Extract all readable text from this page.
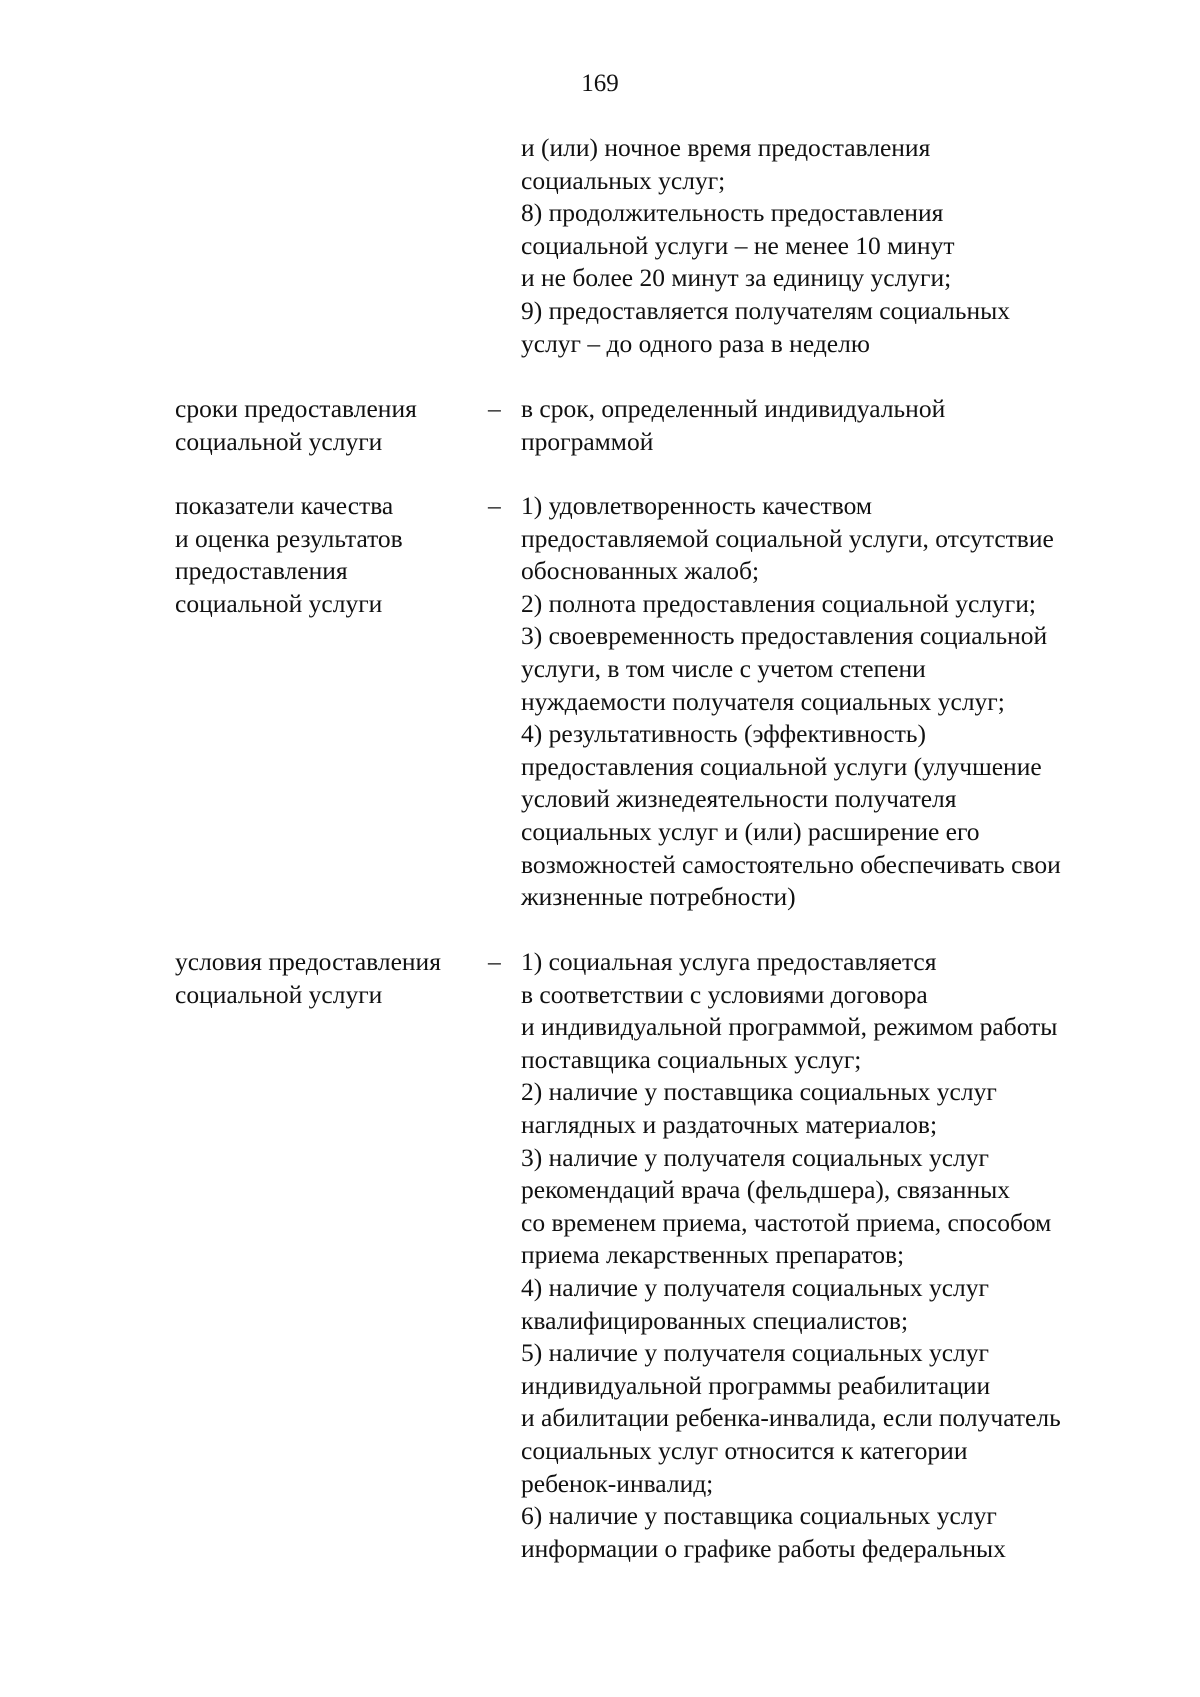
169
и (или) ночное время предоставления
социальных услуг;
8) продолжительность предоставления
социальной услуги – не менее 10 минут
и не более 20 минут за единицу услуги;
9) предоставляется получателям социальных
услуг – до одного раза в неделю
сроки предоставления
социальной услуги
– в срок, определенный индивидуальной
программой
показатели качества
и оценка результатов
предоставления
социальной услуги
– 1) удовлетворенность качеством
предоставляемой социальной услуги, отсутствие
обоснованных жалоб;
2) полнота предоставления социальной услуги;
3) своевременность предоставления социальной
услуги, в том числе с учетом степени
нуждаемости получателя социальных услуг;
4) результативность (эффективность)
предоставления социальной услуги (улучшение
условий жизнедеятельности получателя
социальных услуг и (или) расширение его
возможностей самостоятельно обеспечивать свои
жизненные потребности)
условия предоставления
социальной услуги
– 1) социальная услуга предоставляется
в соответствии с условиями договора
и индивидуальной программой, режимом работы
поставщика социальных услуг;
2) наличие у поставщика социальных услуг
наглядных и раздаточных материалов;
3) наличие у получателя социальных услуг
рекомендаций врача (фельдшера), связанных
со временем приема, частотой приема, способом
приема лекарственных препаратов;
4) наличие у получателя социальных услуг
квалифицированных специалистов;
5) наличие у получателя социальных услуг
индивидуальной программы реабилитации
и абилитации ребенка-инвалида, если получатель
социальных услуг относится к категории
ребенок-инвалид;
6) наличие у поставщика социальных услуг
информации о графике работы федеральных
